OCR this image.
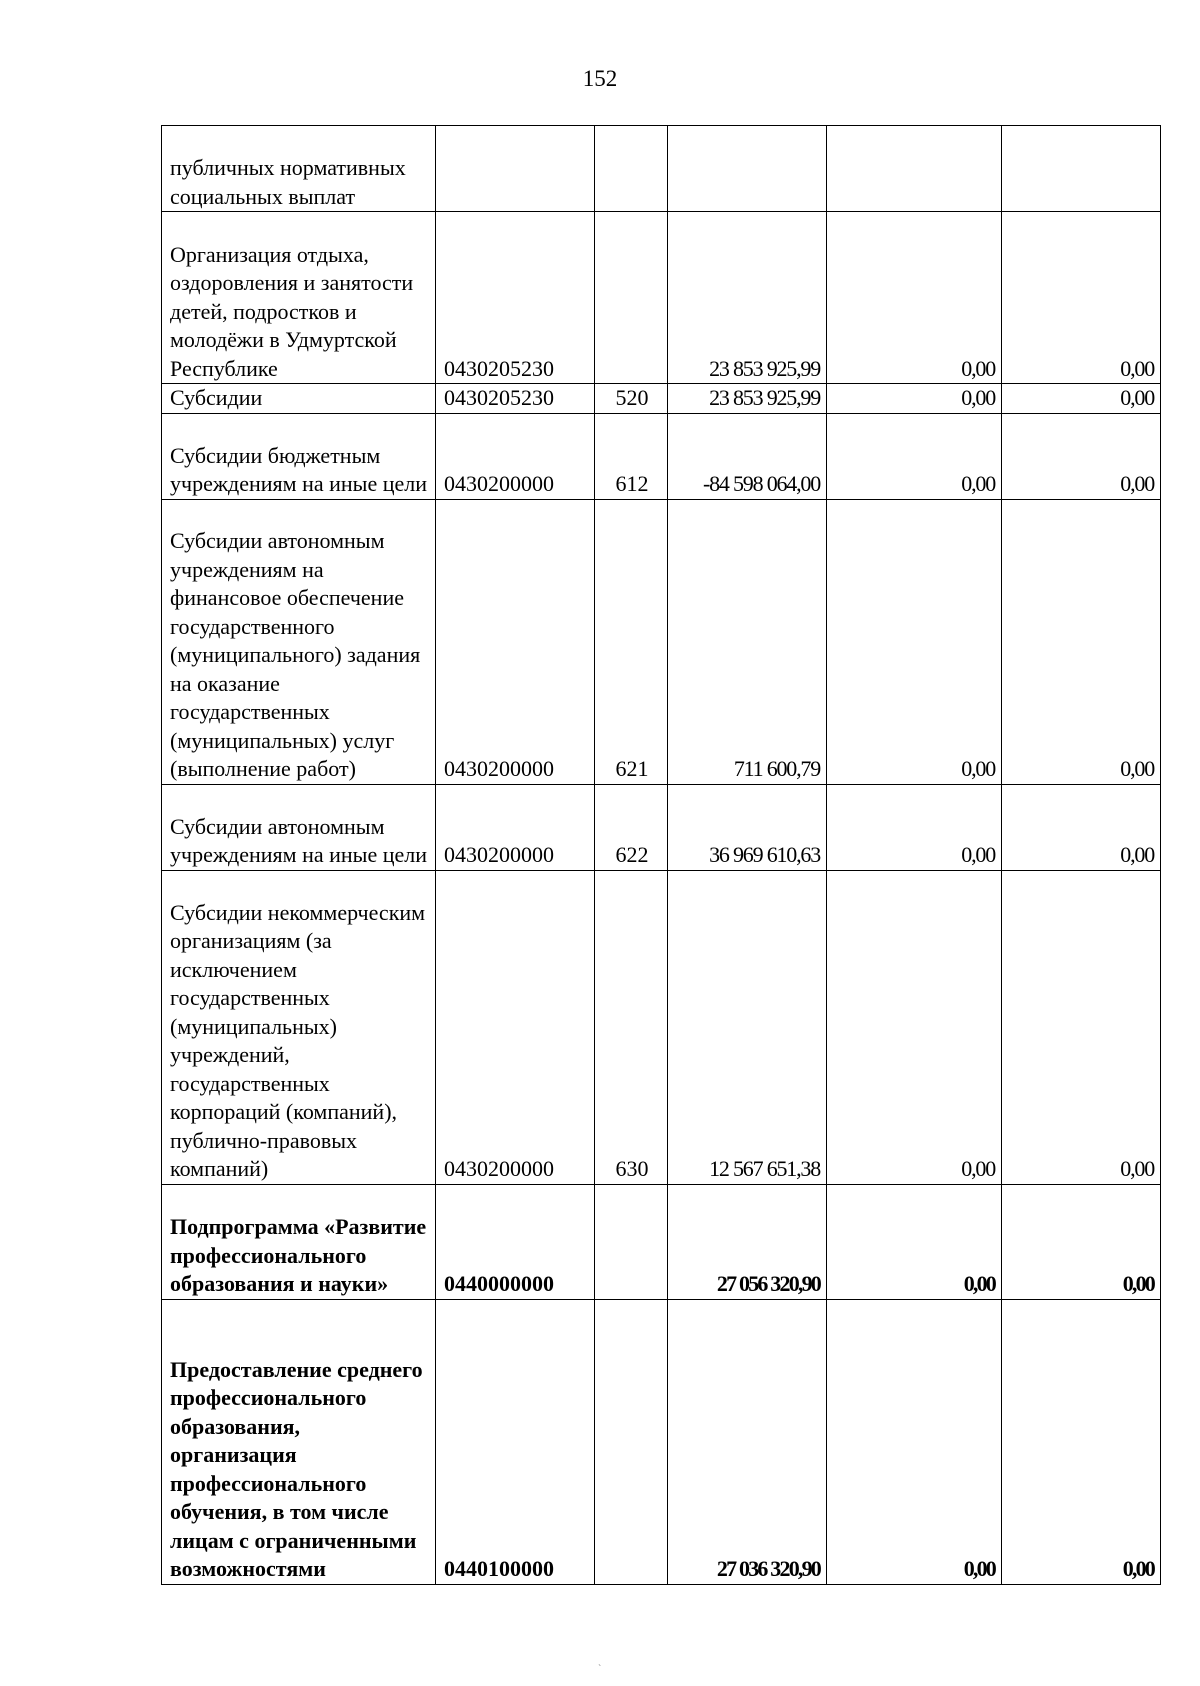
152
публичных нормативных социальных выплат					
Организация отдыха, оздоровления и занятости детей, подростков и молодёжи в Удмуртской Республике	0430205230		23 853 925,99	0,00	0,00
Субсидии	0430205230	520	23 853 925,99	0,00	0,00
Субсидии бюджетным учреждениям на иные цели	0430200000	612	-84 598 064,00	0,00	0,00
Субсидии автономным учреждениям на финансовое обеспечение государственного (муниципального) задания на оказание государственных (муниципальных) услуг (выполнение работ)	0430200000	621	711 600,79	0,00	0,00
Субсидии автономным учреждениям на иные цели	0430200000	622	36 969 610,63	0,00	0,00
Субсидии некоммерческим организациям (за исключением государственных (муниципальных) учреждений, государственных корпораций (компаний), публично-правовых компаний)	0430200000	630	12 567 651,38	0,00	0,00
Подпрограмма «Развитие профессионального образования и науки»	0440000000		27 056 320,90	0,00	0,00
Предоставление среднего профессионального образования, организация профессионального обучения, в том числе лицам с ограниченными возможностями	0440100000		27 036 320,90	0,00	0,00
`
